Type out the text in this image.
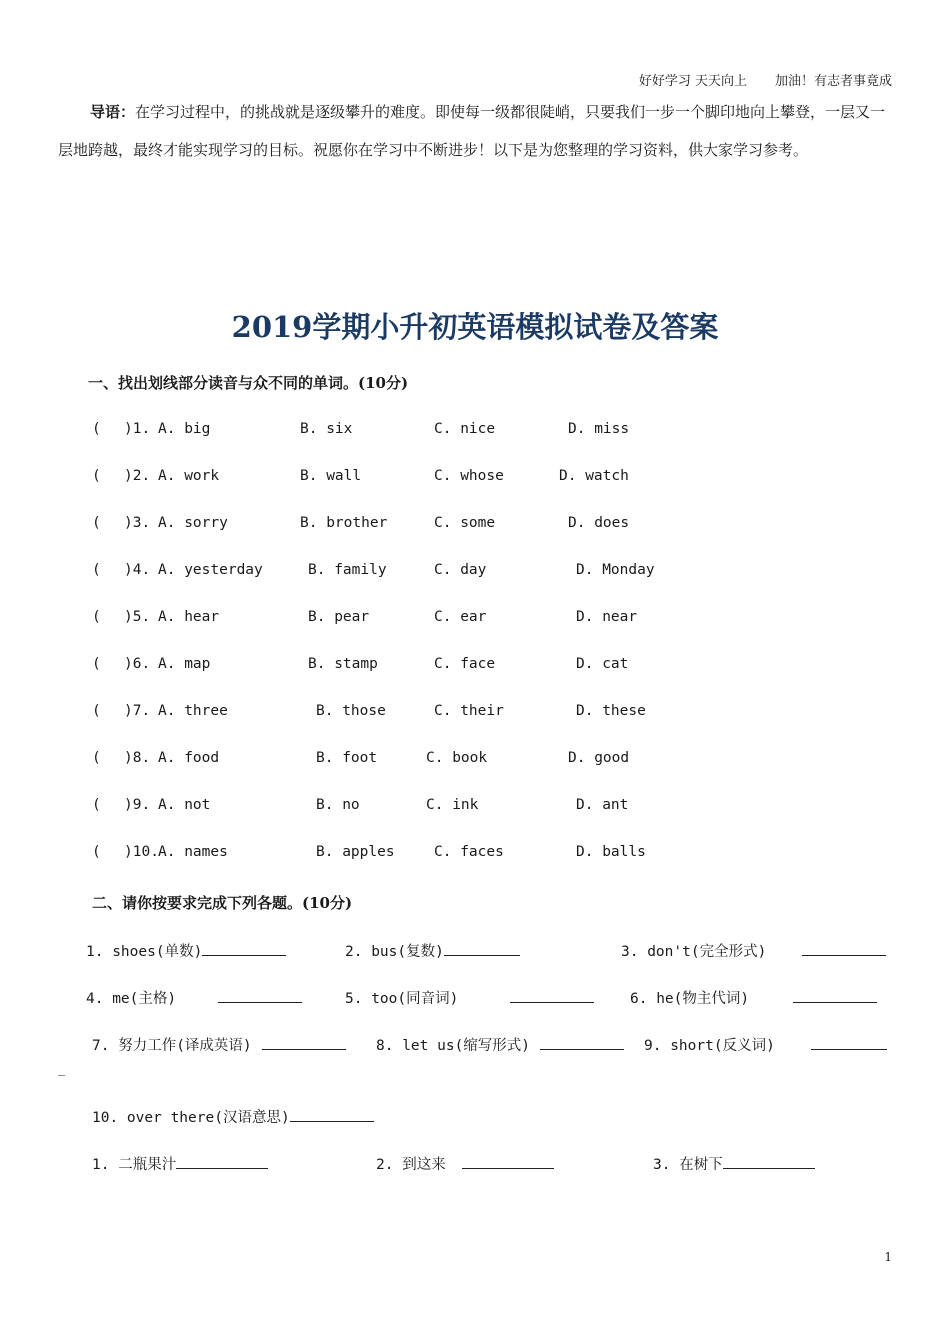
好好学习 天天向上 加油！有志者事竟成
导语：在学习过程中，的挑战就是逐级攀升的难度。即使每一级都很陡峭，只要我们一步一个脚印地向上攀登，一层又一层地跨越，最终才能实现学习的目标。祝愿你在学习中不断进步！以下是为您整理的学习资料，供大家学习参考。
2019学期小升初英语模拟试卷及答案
一、找出划线部分读音与众不同的单词。(10分)
( )1. A. big	B. six	C. nice	D. miss
( )2. A. work	B. wall	C. whose	D. watch
( )3. A. sorry	B. brother	C. some	D. does
( )4. A. yesterday	B. family	C. day	D. Monday
( )5. A. hear	B. pear	C. ear	D. near
( )6. A. map	B. stamp	C. face	D. cat
( )7. A. three	B. those	C. their	D. these
( )8. A. food	B. foot	C. book	D. good
( )9. A. not	B. no	C. ink	D. ant
( )10. A. names	B. apples	C. faces	D. balls
二、请你按要求完成下列各题。(10分)
1. shoes(单数)	2. bus(复数)	3. don't(完全形式)
4. me(主格)	5. too(同音词)	6. he(物主代词)
7. 努力工作(译成英语)	8. let us(缩写形式)	9. short(反义词)
_
10. over there(汉语意思)
1. 二瓶果汁	2. 到这来	3. 在树下
1
